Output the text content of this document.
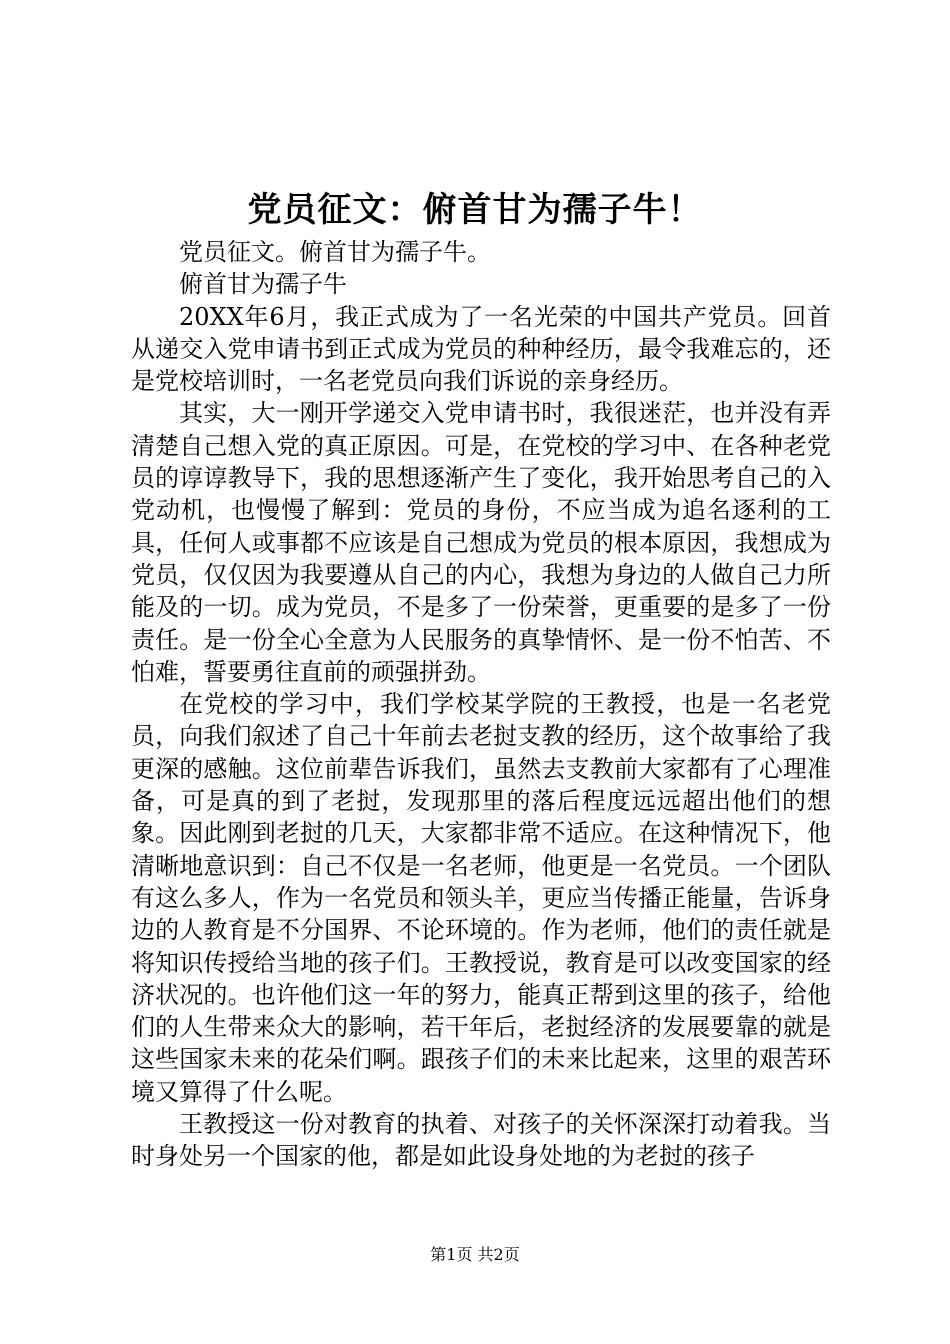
党员征文：俯首甘为孺子牛！

党员征文。俯首甘为孺子牛。

俯首甘为孺子牛

20XX年6月，我正式成为了一名光荣的中国共产党员。回首从递交入党申请书到正式成为党员的种种经历，最令我难忘的，还是党校培训时，一名老党员向我们诉说的亲身经历。

其实，大一刚开学递交入党申请书时，我很迷茫，也并没有弄清楚自己想入党的真正原因。可是，在党校的学习中、在各种老党员的谆谆教导下，我的思想逐渐产生了变化，我开始思考自己的入党动机，也慢慢了解到：党员的身份，不应当成为追名逐利的工具，任何人或事都不应该是自己想成为党员的根本原因，我想成为党员，仅仅因为我要遵从自己的内心，我想为身边的人做自己力所能及的一切。成为党员，不是多了一份荣誉，更重要的是多了一份责任。是一份全心全意为人民服务的真挚情怀、是一份不怕苦、不怕难，誓要勇往直前的顽强拼劲。

在党校的学习中，我们学校某学院的王教授，也是一名老党员，向我们叙述了自己十年前去老挝支教的经历，这个故事给了我更深的感触。这位前辈告诉我们，虽然去支教前大家都有了心理准备，可是真的到了老挝，发现那里的落后程度远远超出他们的想象。因此刚到老挝的几天，大家都非常不适应。在这种情况下，他清晰地意识到：自己不仅是一名老师，他更是一名党员。一个团队有这么多人，作为一名党员和领头羊，更应当传播正能量，告诉身边的人教育是不分国界、不论环境的。作为老师，他们的责任就是将知识传授给当地的孩子们。王教授说，教育是可以改变国家的经济状况的。也许他们这一年的努力，能真正帮到这里的孩子，给他们的人生带来众大的影响，若干年后，老挝经济的发展要靠的就是这些国家未来的花朵们啊。跟孩子们的未来比起来，这里的艰苦环境又算得了什么呢。

王教授这一份对教育的执着、对孩子的关怀深深打动着我。当时身处另一个国家的他，都是如此设身处地的为老挝的孩子

第1页 共2页
